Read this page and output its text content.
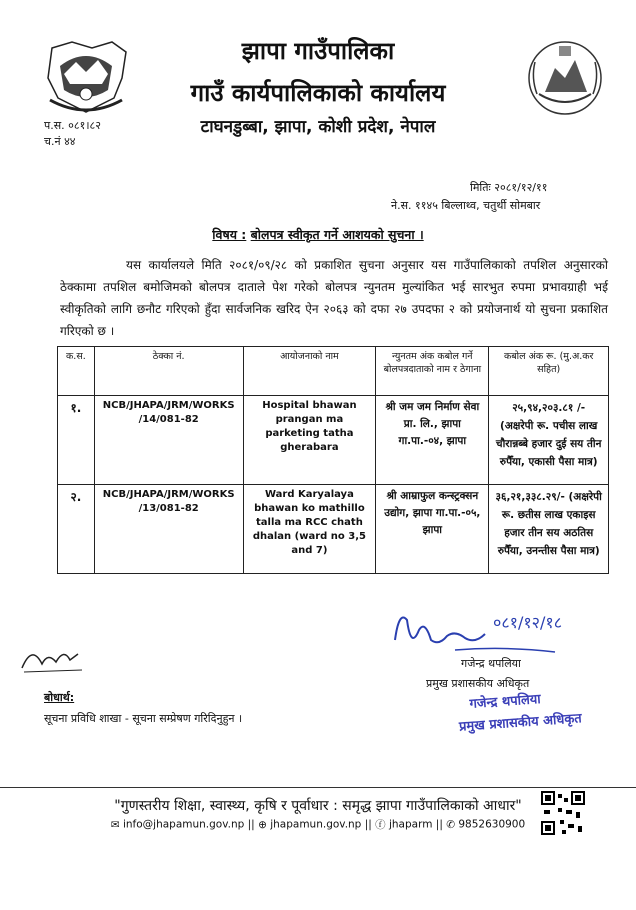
झापा गाउँपालिका
गाउँ कार्यपालिकाको कार्यालय
टाघनडुब्बा, झापा, कोशी प्रदेश, नेपाल
प.स. ०८१।८२
च.नं ४४
मितिः २०८१/१२/११
ने.स. ११४५ बिल्लाथ्व, चतुर्थी सोमबार
विषय : बोलपत्र स्वीकृत गर्ने आशयको सुचना ।
यस कार्यालयले मिति २०८१/०९/२८ को प्रकाशित सुचना अनुसार यस गाउँपालिकाको तपशिल अनुसारको ठेक्कामा तपशिल बमोजिमको बोलपत्र दाताले पेश गरेको बोलपत्र न्युनतम मुल्यांकित भई सारभुत रुपमा प्रभावग्राही भई स्वीकृतिको लागि छनौट गरिएको हुँदा सार्वजनिक खरिद ऐन २०६३ को दफा २७ उपदफा २ को प्रयोजनार्थ यो सुचना प्रकाशित गरिएको छ ।
क.स.	ठेक्का नं.	आयोजनाको नाम	न्युनतम अंक कबोल गर्ने बोलपत्रदाताको नाम र ठेगाना	कबोल अंक रू. (मु.अ.कर सहित)
१.	NCB/JHAPA/JRM/WORKS /14/081-82	Hospital bhawan prangan ma parketing tatha gherabara	श्री जम जम निर्माण सेवा प्रा. लि., झापा गा.पा.-०४, झापा	२५,९४,२०३.८१ /- (अक्षरेपी रू. पचीस लाख चौरान्नब्बे हजार दुई सय तीन रुपैँया, एकासी पैसा मात्र)
२.	NCB/JHAPA/JRM/WORKS /13/081-82	Ward Karyalaya bhawan ko mathillo talla ma RCC chath dhalan (ward no 3,5 and 7)	श्री आम्राफुल कन्स्ट्रक्सन उद्योग, झापा गा.पा.-०५, झापा	३६,२१,३३८.२९/- (अक्षरेपी रू. छतीस लाख एकाइस हजार तीन सय अठतिस रुपैँया, उनन्तीस पैसा मात्र)
०८१/१२/१८
गजेन्द्र थपलिया
प्रमुख प्रशासकीय अधिकृत
गजेन्द्र थपलिया
प्रमुख प्रशासकीय अधिकृत
बोधार्थ:
सूचना प्रविधि शाखा - सूचना सम्प्रेषण गरिदिनुहुन ।
"गुणस्तरीय शिक्षा, स्वास्थ्य, कृषि र पूर्वाधार : समृद्ध झापा गाउँपालिकाको आधार"
✉ info@jhapamun.gov.np || ⊕ jhapamun.gov.np || ⓕ jhaparm || ✆ 9852630900
